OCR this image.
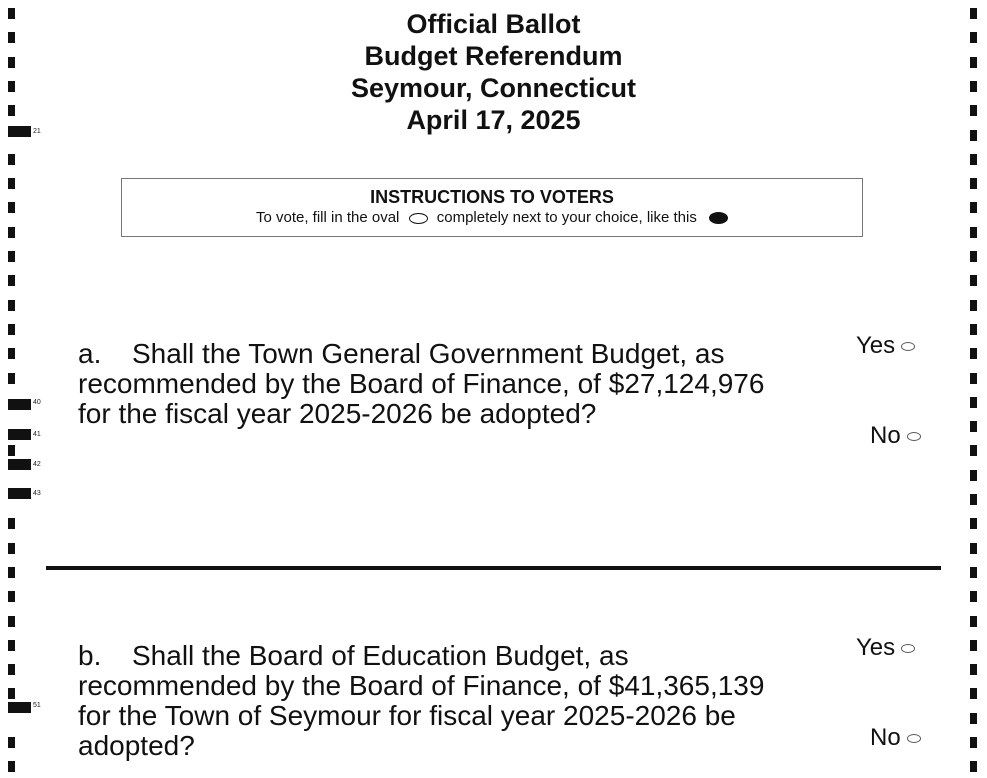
21
40
41
42
43
51
Official Ballot
Budget Referendum
Seymour, Connecticut
April 17, 2025
INSTRUCTIONS TO VOTERS
To vote, fill in the oval completely next to your choice, like this
a. Shall the Town General Government Budget, as recommended by the Board of Finance, of $27,124,976 for the fiscal year 2025-2026 be adopted?
Yes
No
b. Shall the Board of Education Budget, as recommended by the Board of Finance, of $41,365,139 for the Town of Seymour for fiscal year 2025-2026 be adopted?
Yes
No
